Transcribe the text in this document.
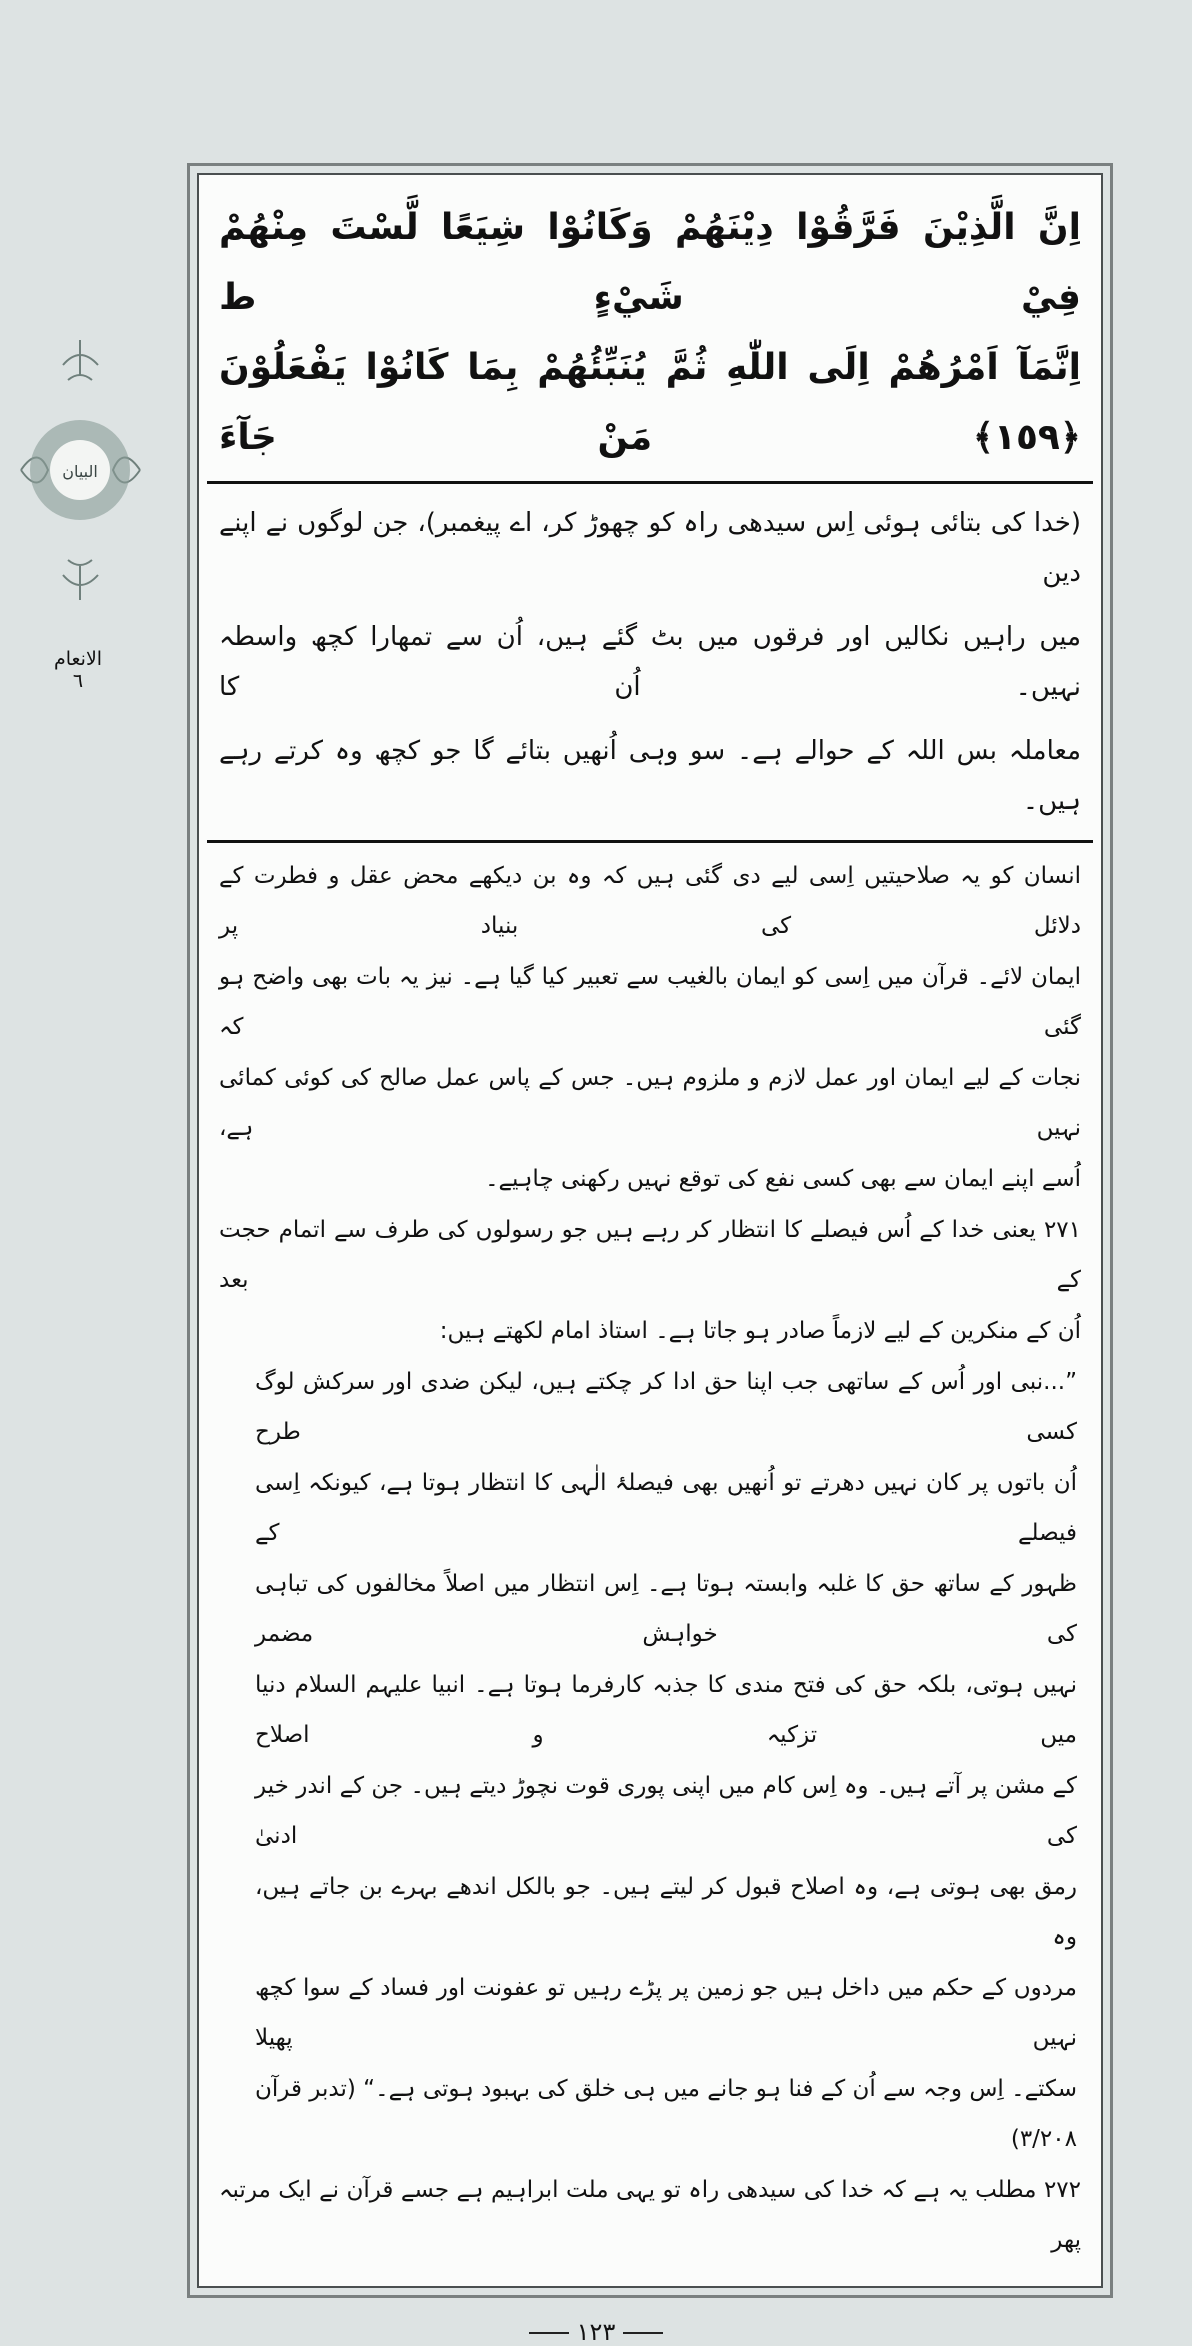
اِنَّ الَّذِيْنَ فَرَّقُوْا دِيْنَهُمْ وَكَانُوْا شِيَعًا لَّسْتَ مِنْهُمْ فِيْ شَيْءٍ ط
اِنَّمَآ اَمْرُهُمْ اِلَى اللّٰهِ ثُمَّ يُنَبِّئُهُمْ بِمَا كَانُوْا يَفْعَلُوْنَ ﴿١٥٩﴾ مَنْ جَآءَ
(خدا کی بتائی ہوئی اِس سیدھی راہ کو چھوڑ کر، اے پیغمبر)، جن لوگوں نے اپنے دین
میں راہیں نکالیں اور فرقوں میں بٹ گئے ہیں، اُن سے تمھارا کچھ واسطہ نہیں۔ اُن کا
معاملہ بس اللہ کے حوالے ہے۔ سو وہی اُنھیں بتائے گا جو کچھ وہ کرتے رہے ہیں۔
انسان کو یہ صلاحیتیں اِسی لیے دی گئی ہیں کہ وہ بن دیکھے محض عقل و فطرت کے دلائل کی بنیاد پر
ایمان لائے۔ قرآن میں اِسی کو ایمان بالغیب سے تعبیر کیا گیا ہے۔ نیز یہ بات بھی واضح ہو گئی کہ
نجات کے لیے ایمان اور عمل لازم و ملزوم ہیں۔ جس کے پاس عمل صالح کی کوئی کمائی نہیں ہے،
اُسے اپنے ایمان سے بھی کسی نفع کی توقع نہیں رکھنی چاہیے۔
۲۷۱ یعنی خدا کے اُس فیصلے کا انتظار کر رہے ہیں جو رسولوں کی طرف سے اتمام حجت کے بعد
اُن کے منکرین کے لیے لازماً صادر ہو جاتا ہے۔ استاذ امام لکھتے ہیں:
”...نبی اور اُس کے ساتھی جب اپنا حق ادا کر چکتے ہیں، لیکن ضدی اور سرکش لوگ کسی طرح
اُن باتوں پر کان نہیں دھرتے تو اُنھیں بھی فیصلۂ الٰہی کا انتظار ہوتا ہے، کیونکہ اِسی فیصلے کے
ظہور کے ساتھ حق کا غلبہ وابستہ ہوتا ہے۔ اِس انتظار میں اصلاً مخالفوں کی تباہی کی خواہش مضمر
نہیں ہوتی، بلکہ حق کی فتح مندی کا جذبہ کارفرما ہوتا ہے۔ انبیا علیہم السلام دنیا میں تزکیہ و اصلاح
کے مشن پر آتے ہیں۔ وہ اِس کام میں اپنی پوری قوت نچوڑ دیتے ہیں۔ جن کے اندر خیر کی ادنیٰ
رمق بھی ہوتی ہے، وہ اصلاح قبول کر لیتے ہیں۔ جو بالکل اندھے بہرے بن جاتے ہیں، وہ
مردوں کے حکم میں داخل ہیں جو زمین پر پڑے رہیں تو عفونت اور فساد کے سوا کچھ نہیں پھیلا
سکتے۔ اِس وجہ سے اُن کے فنا ہو جانے میں ہی خلق کی بہبود ہوتی ہے۔“ (تدبر قرآن ۳/۲۰۸)
۲۷۲ مطلب یہ ہے کہ خدا کی سیدھی راہ تو یہی ملت ابراہیم ہے جسے قرآن نے ایک مرتبہ پھر
البیان
الانعام
٦
۱۲۳
